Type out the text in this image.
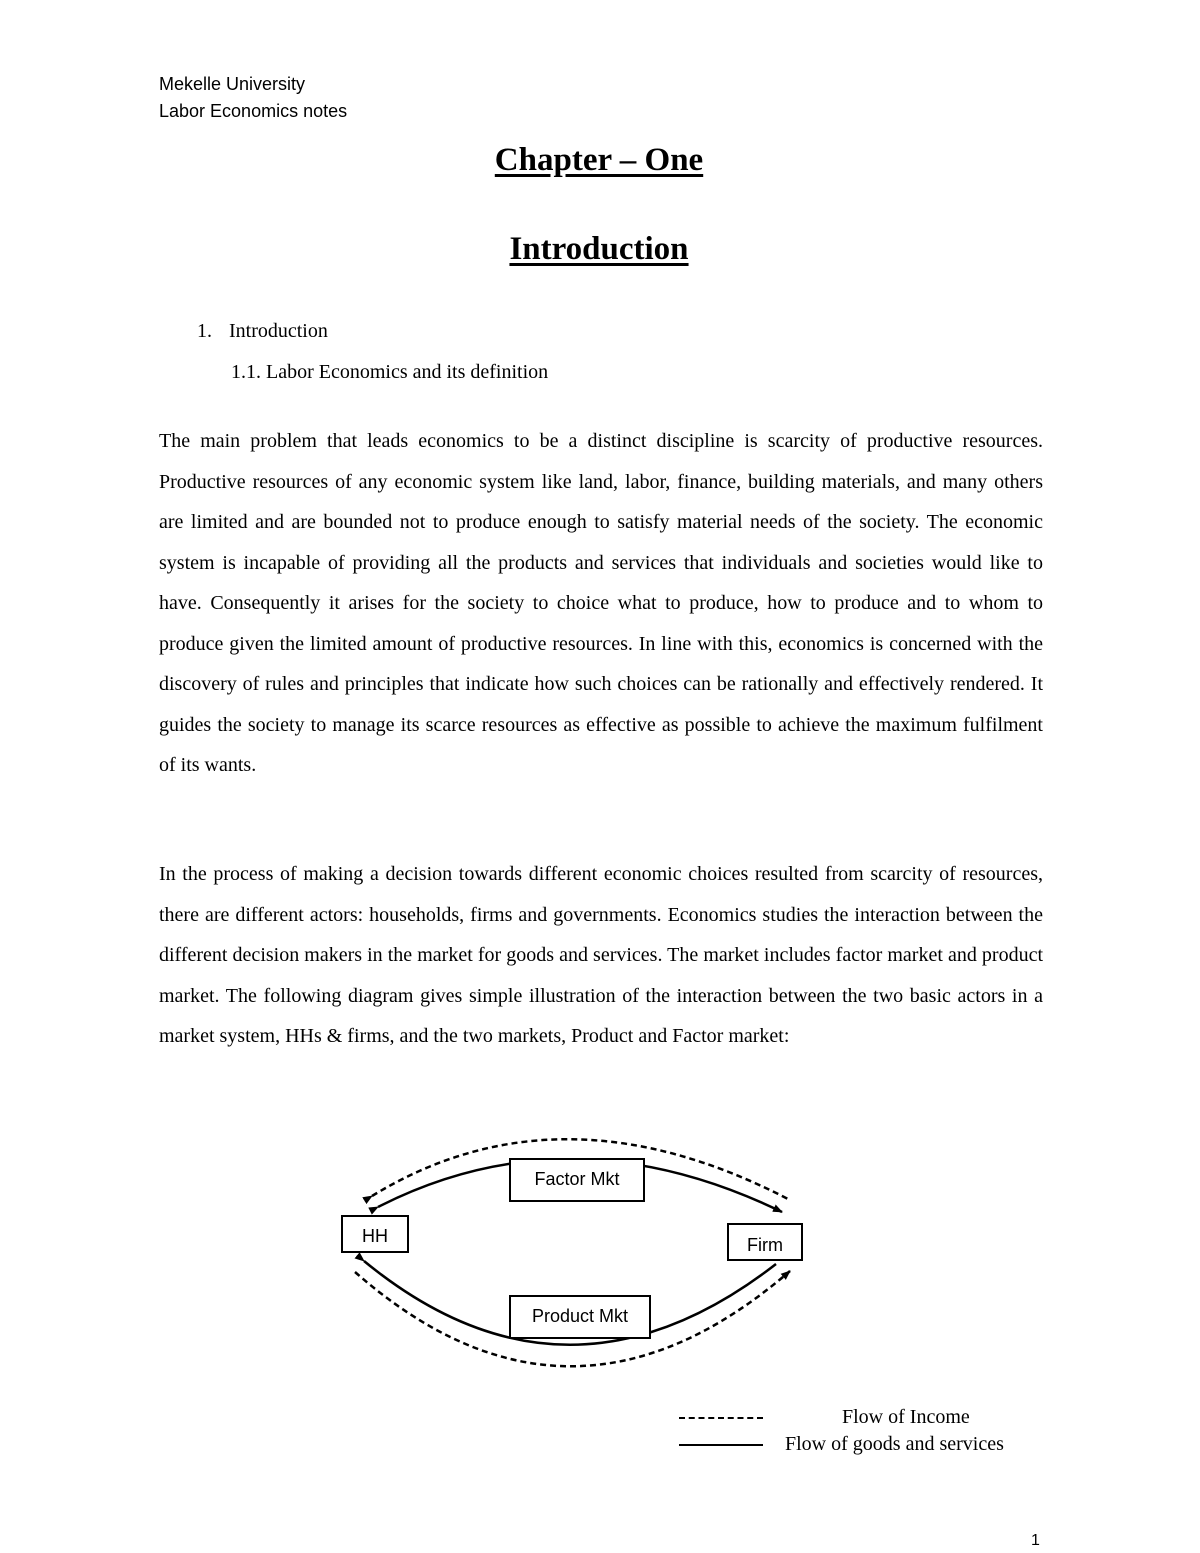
Mekelle University
Labor Economics notes
Chapter – One
Introduction
1. Introduction
1.1. Labor Economics and its definition

The main problem that leads economics to be a distinct discipline is scarcity of productive resources. Productive resources of any economic system like land, labor, finance, building materials, and many others are limited and are bounded not to produce enough to satisfy material needs of the society. The economic system is incapable of providing all the products and services that individuals and societies would like to have. Consequently it arises for the society to choice what to produce, how to produce and to whom to produce given the limited amount of productive resources. In line with this, economics is concerned with the discovery of rules and principles that indicate how such choices can be rationally and effectively rendered. It guides the society to manage its scarce resources as effective as possible to achieve the maximum fulfilment of its wants.

In the process of making a decision towards different economic choices resulted from scarcity of resources, there are different actors: households, firms and governments. Economics studies the interaction between the different decision makers in the market for goods and services. The market includes factor market and product market. The following diagram gives simple illustration of the interaction between the two basic actors in a market system, HHs & firms, and the two markets, Product and Factor market:

HH
Factor Mkt
Firm
Product Mkt
Flow of Income
Flow of goods and services
1
